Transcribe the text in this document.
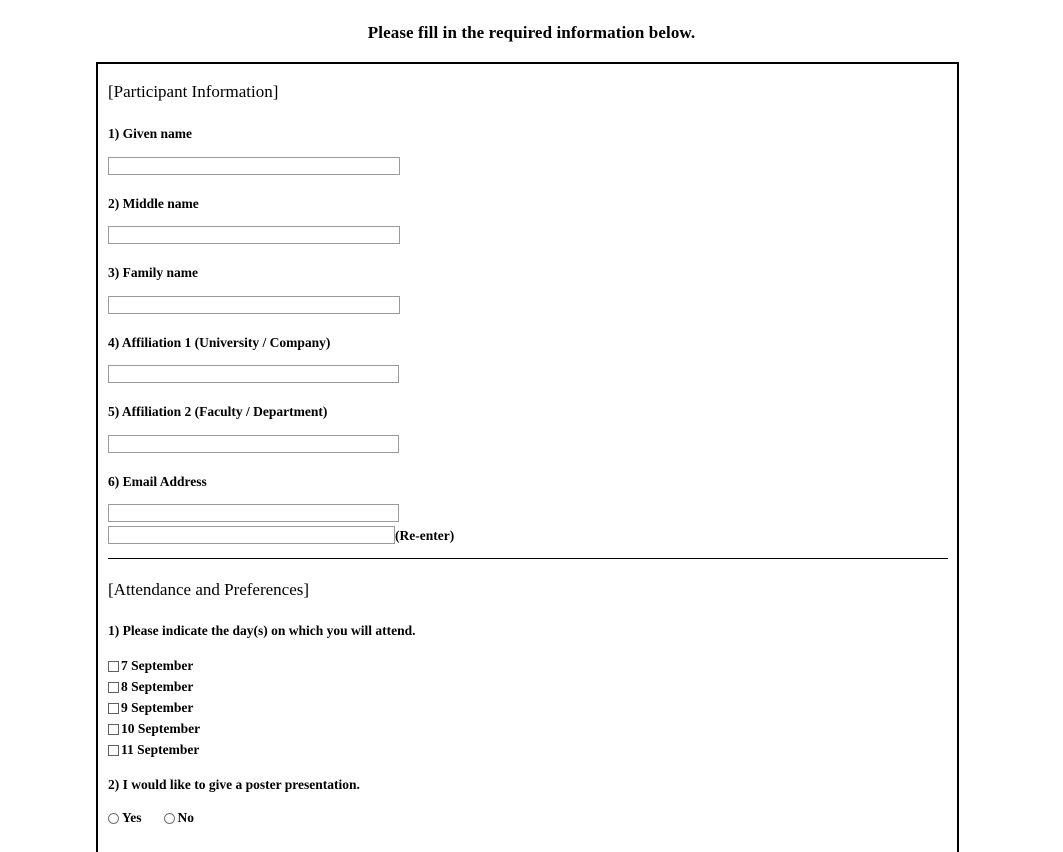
Please fill in the required information below.
[Participant Information]
1) Given name
2) Middle name
3) Family name
4) Affiliation 1 (University / Company)
5) Affiliation 2 (Faculty / Department)
6) Email Address
(Re-enter)
[Attendance and Preferences]
1) Please indicate the day(s) on which you will attend.
7 September
8 September
9 September
10 September
11 September
2) I would like to give a poster presentation.
Yes	No
